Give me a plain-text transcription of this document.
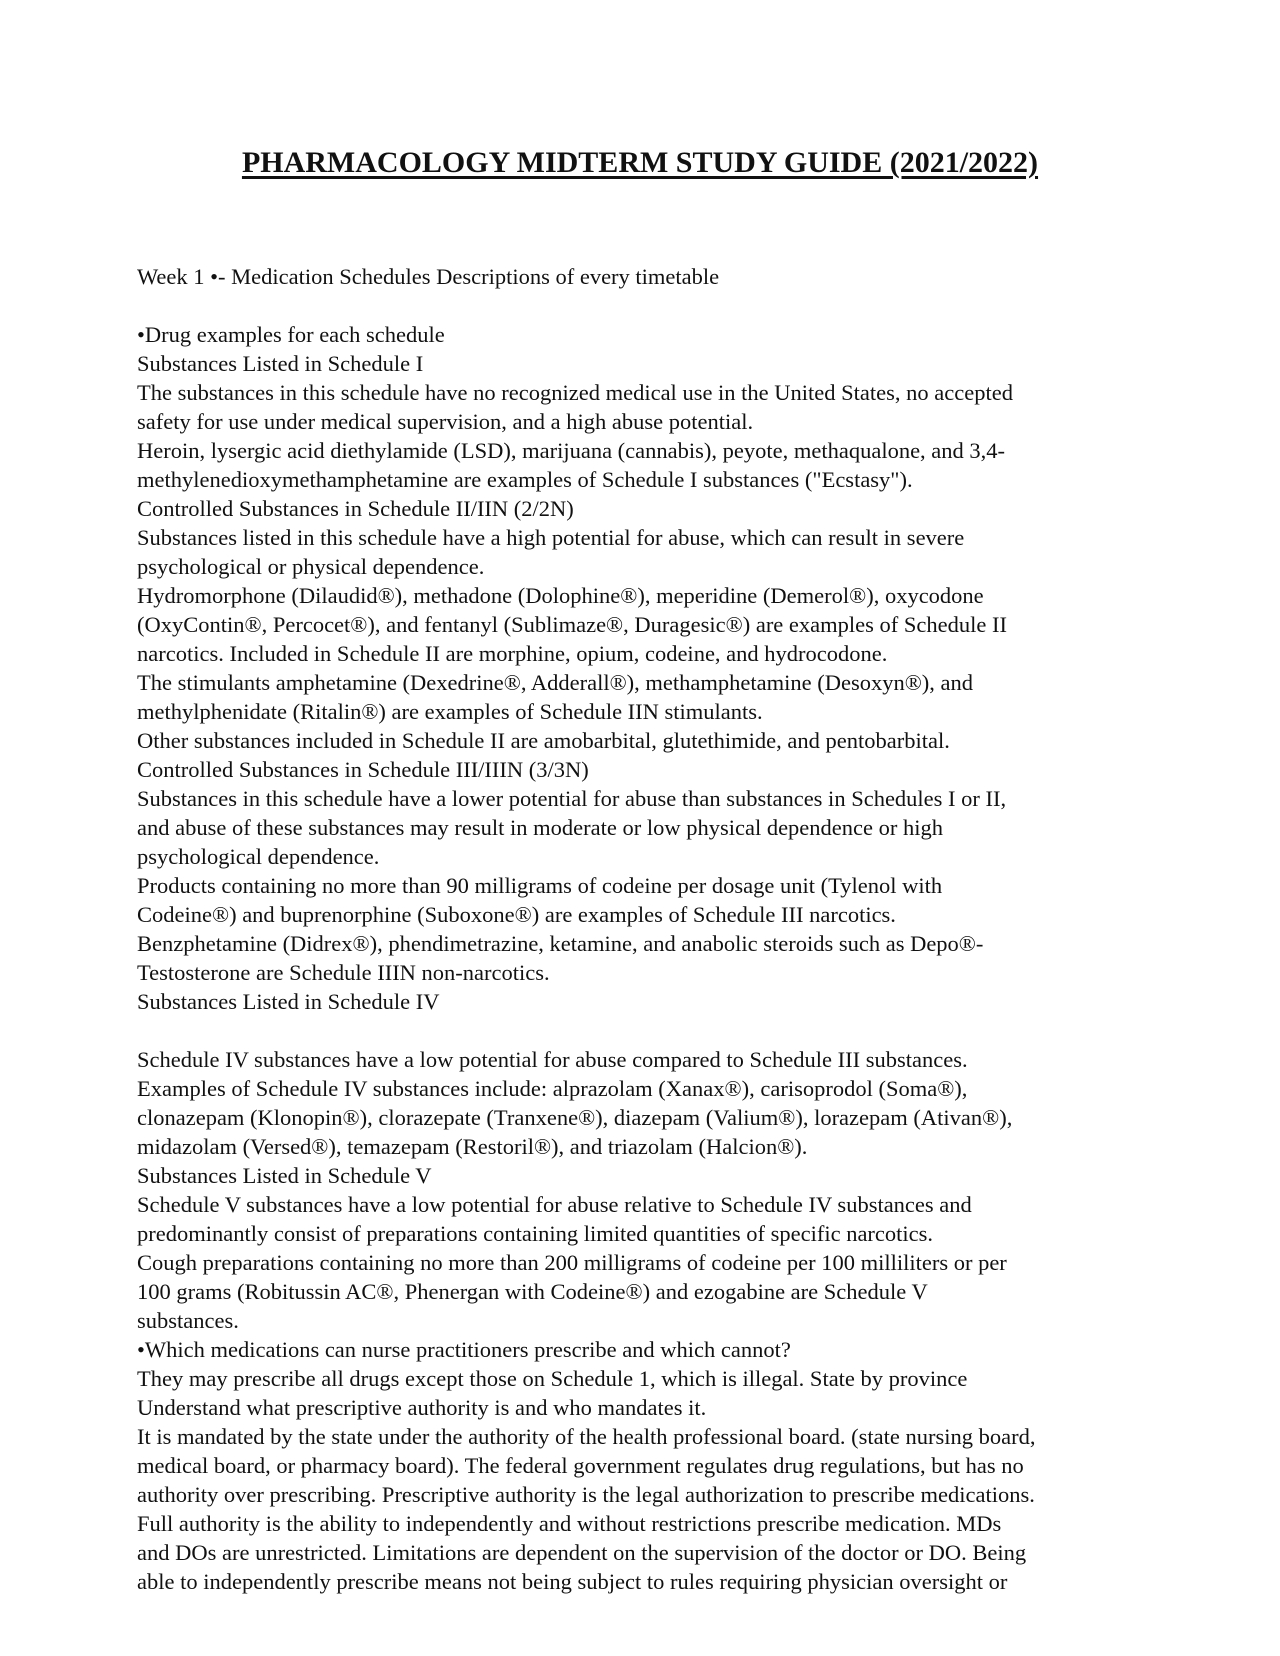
PHARMACOLOGY MIDTERM STUDY GUIDE (2021/2022)
Week 1 •- Medication Schedules Descriptions of every timetable
•Drug examples for each schedule
Substances Listed in Schedule I
The substances in this schedule have no recognized medical use in the United States, no accepted
safety for use under medical supervision, and a high abuse potential.
Heroin, lysergic acid diethylamide (LSD), marijuana (cannabis), peyote, methaqualone, and 3,4-
methylenedioxymethamphetamine are examples of Schedule I substances ("Ecstasy").
Controlled Substances in Schedule II/IIN (2/2N)
Substances listed in this schedule have a high potential for abuse, which can result in severe
psychological or physical dependence.
Hydromorphone (Dilaudid®), methadone (Dolophine®), meperidine (Demerol®), oxycodone
(OxyContin®, Percocet®), and fentanyl (Sublimaze®, Duragesic®) are examples of Schedule II
narcotics. Included in Schedule II are morphine, opium, codeine, and hydrocodone.
The stimulants amphetamine (Dexedrine®, Adderall®), methamphetamine (Desoxyn®), and
methylphenidate (Ritalin®) are examples of Schedule IIN stimulants.
Other substances included in Schedule II are amobarbital, glutethimide, and pentobarbital.
Controlled Substances in Schedule III/IIIN (3/3N)
Substances in this schedule have a lower potential for abuse than substances in Schedules I or II,
and abuse of these substances may result in moderate or low physical dependence or high
psychological dependence.
Products containing no more than 90 milligrams of codeine per dosage unit (Tylenol with
Codeine®) and buprenorphine (Suboxone®) are examples of Schedule III narcotics.
Benzphetamine (Didrex®), phendimetrazine, ketamine, and anabolic steroids such as Depo®-
Testosterone are Schedule IIIN non-narcotics.
Substances Listed in Schedule IV
Schedule IV substances have a low potential for abuse compared to Schedule III substances.
Examples of Schedule IV substances include: alprazolam (Xanax®), carisoprodol (Soma®),
clonazepam (Klonopin®), clorazepate (Tranxene®), diazepam (Valium®), lorazepam (Ativan®),
midazolam (Versed®), temazepam (Restoril®), and triazolam (Halcion®).
Substances Listed in Schedule V
Schedule V substances have a low potential for abuse relative to Schedule IV substances and
predominantly consist of preparations containing limited quantities of specific narcotics.
Cough preparations containing no more than 200 milligrams of codeine per 100 milliliters or per
100 grams (Robitussin AC®, Phenergan with Codeine®) and ezogabine are Schedule V
substances.
•Which medications can nurse practitioners prescribe and which cannot?
They may prescribe all drugs except those on Schedule 1, which is illegal. State by province
Understand what prescriptive authority is and who mandates it.
It is mandated by the state under the authority of the health professional board. (state nursing board,
medical board, or pharmacy board). The federal government regulates drug regulations, but has no
authority over prescribing. Prescriptive authority is the legal authorization to prescribe medications.
Full authority is the ability to independently and without restrictions prescribe medication. MDs
and DOs are unrestricted. Limitations are dependent on the supervision of the doctor or DO. Being
able to independently prescribe means not being subject to rules requiring physician oversight or
